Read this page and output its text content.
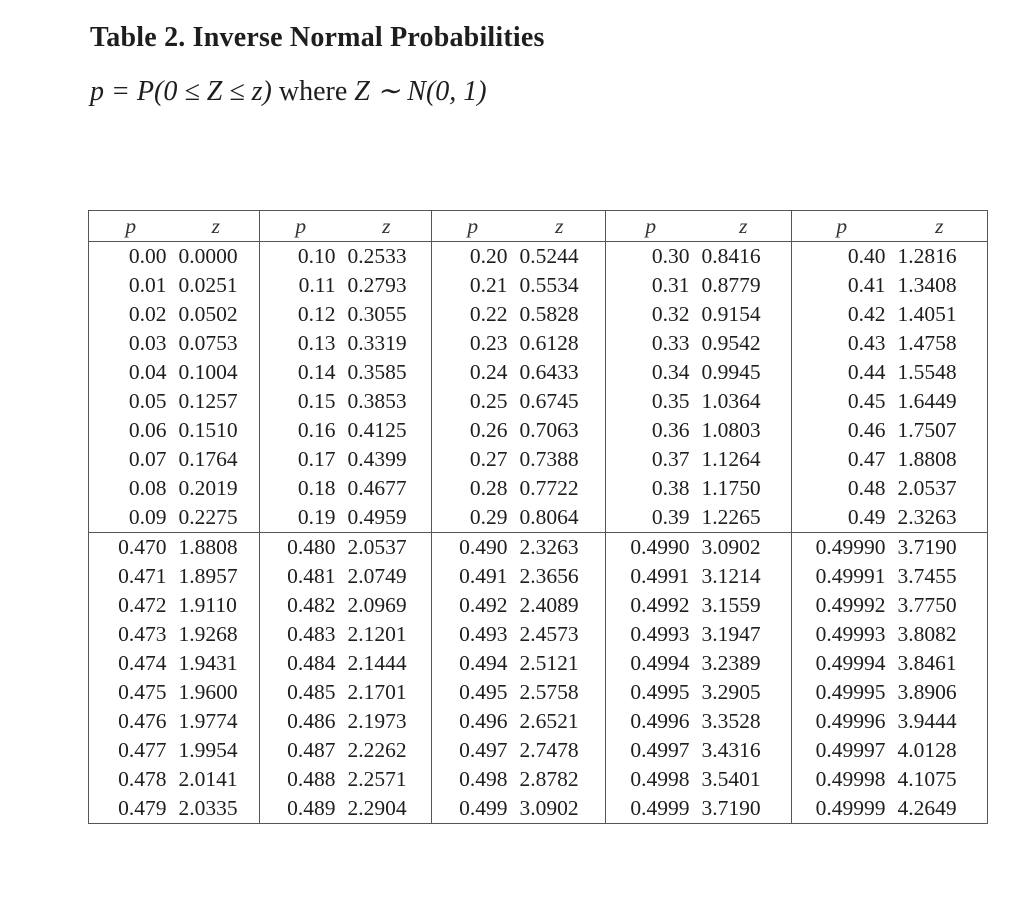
Table 2. Inverse Normal Probabilities
p = P(0 ≤ Z ≤ z) where Z ∼ N(0, 1)
p	z	p	z	p	z	p	z	p	z
0.00	0.0000	0.10	0.2533	0.20	0.5244	0.30	0.8416	0.40	1.2816
0.01	0.0251	0.11	0.2793	0.21	0.5534	0.31	0.8779	0.41	1.3408
0.02	0.0502	0.12	0.3055	0.22	0.5828	0.32	0.9154	0.42	1.4051
0.03	0.0753	0.13	0.3319	0.23	0.6128	0.33	0.9542	0.43	1.4758
0.04	0.1004	0.14	0.3585	0.24	0.6433	0.34	0.9945	0.44	1.5548
0.05	0.1257	0.15	0.3853	0.25	0.6745	0.35	1.0364	0.45	1.6449
0.06	0.1510	0.16	0.4125	0.26	0.7063	0.36	1.0803	0.46	1.7507
0.07	0.1764	0.17	0.4399	0.27	0.7388	0.37	1.1264	0.47	1.8808
0.08	0.2019	0.18	0.4677	0.28	0.7722	0.38	1.1750	0.48	2.0537
0.09	0.2275	0.19	0.4959	0.29	0.8064	0.39	1.2265	0.49	2.3263
0.470	1.8808	0.480	2.0537	0.490	2.3263	0.4990	3.0902	0.49990	3.7190
0.471	1.8957	0.481	2.0749	0.491	2.3656	0.4991	3.1214	0.49991	3.7455
0.472	1.9110	0.482	2.0969	0.492	2.4089	0.4992	3.1559	0.49992	3.7750
0.473	1.9268	0.483	2.1201	0.493	2.4573	0.4993	3.1947	0.49993	3.8082
0.474	1.9431	0.484	2.1444	0.494	2.5121	0.4994	3.2389	0.49994	3.8461
0.475	1.9600	0.485	2.1701	0.495	2.5758	0.4995	3.2905	0.49995	3.8906
0.476	1.9774	0.486	2.1973	0.496	2.6521	0.4996	3.3528	0.49996	3.9444
0.477	1.9954	0.487	2.2262	0.497	2.7478	0.4997	3.4316	0.49997	4.0128
0.478	2.0141	0.488	2.2571	0.498	2.8782	0.4998	3.5401	0.49998	4.1075
0.479	2.0335	0.489	2.2904	0.499	3.0902	0.4999	3.7190	0.49999	4.2649
